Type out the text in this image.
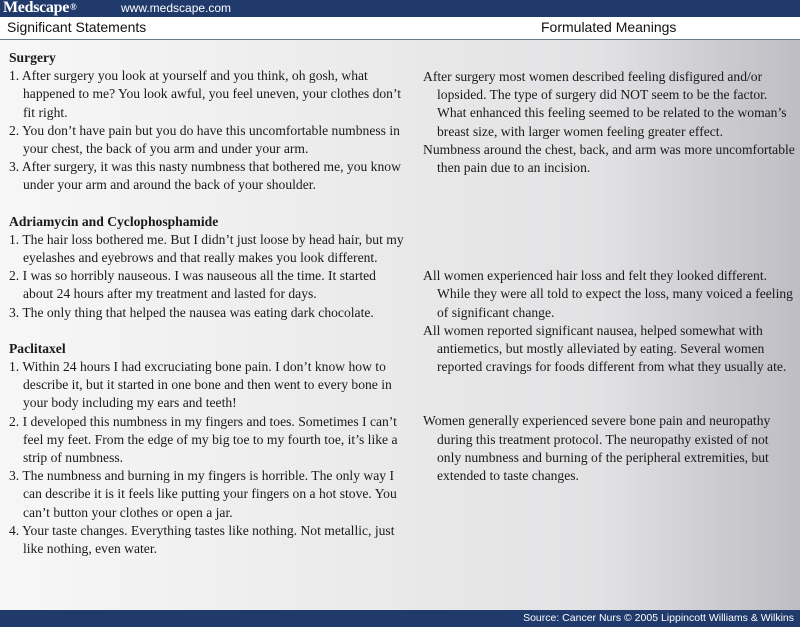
Medscape®	www.medscape.com
Significant Statements	Formulated Meanings

Surgery

1. After surgery you look at yourself and you think, oh gosh, what happened to me? You look awful, you feel uneven, your clothes don’t fit right.

2. You don’t have pain but you do have this uncomfortable numbness in your chest, the back of you arm and under your arm.

3. After surgery, it was this nasty numbness that bothered me, you know under your arm and around the back of your shoulder.

Adriamycin and Cyclophosphamide

1. The hair loss bothered me. But I didn’t just loose by head hair, but my eyelashes and eyebrows and that really makes you look different.

2. I was so horribly nauseous. I was nauseous all the time. It started about 24 hours after my treatment and lasted for days.

3. The only thing that helped the nausea was eating dark chocolate.

Paclitaxel

1. Within 24 hours I had excruciating bone pain. I don’t know how to describe it, but it started in one bone and then went to every bone in your body including my ears and teeth!

2. I developed this numbness in my fingers and toes. Sometimes I can’t feel my feet. From the edge of my big toe to my fourth toe, it’s like a strip of numbness.

3. The numbness and burning in my fingers is horrible. The only way I can describe it is it feels like putting your fingers on a hot stove. You can’t button your clothes or open a jar.

4. Your taste changes. Everything tastes like nothing. Not metallic, just like nothing, even water.

After surgery most women described feeling disfigured and/or lopsided. The type of surgery did NOT seem to be the factor. What enhanced this feeling seemed to be related to the woman’s breast size, with larger women feeling greater effect.

Numbness around the chest, back, and arm was more uncomfortable then pain due to an incision.

All women experienced hair loss and felt they looked different. While they were all told to expect the loss, many voiced a feeling of significant change.

All women reported significant nausea, helped somewhat with antiemetics, but mostly alleviated by eating. Several women reported cravings for foods different from what they usually ate.

Women generally experienced severe bone pain and neuropathy during this treatment protocol. The neuropathy existed of not only numbness and burning of the peripheral extremities, but extended to taste changes.

Source: Cancer Nurs © 2005 Lippincott Williams & Wilkins
